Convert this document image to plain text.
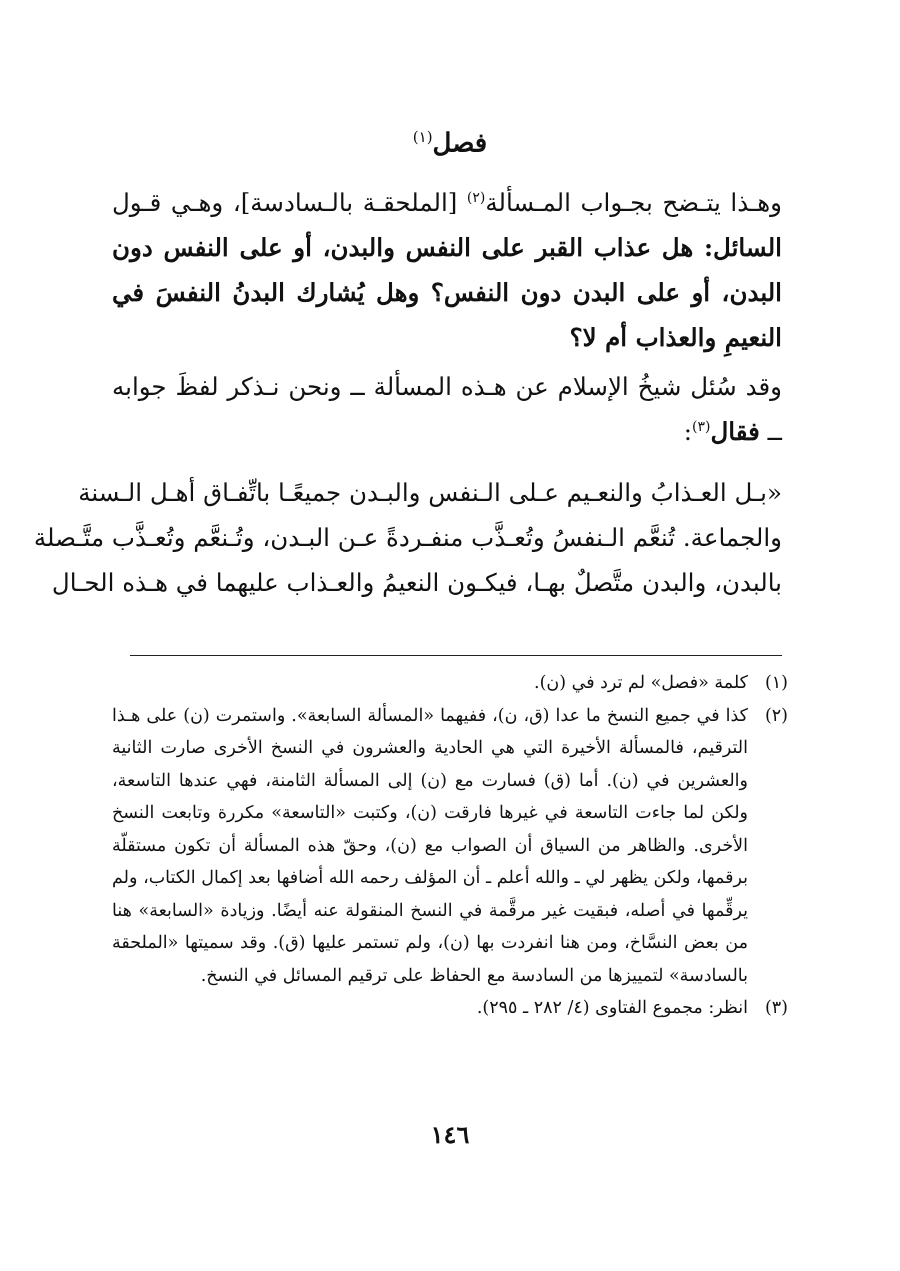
فصل$^{(١)}$
وهـذا يتـضح بجـواب المـسألة$^{(٢)}$ [الملحقـة بالـسادسة]، وهـي قـول السائل: هل عذاب القبر على النفس والبدن، أو على النفس دون البدن، أو على البدن دون النفس؟ وهل يُشارك البدنُ النفسَ في النعيمِ والعذاب أم لا؟
وقد سُئل شيخُ الإسلام عن هـذه المسألة ــ ونحن نـذكر لفظَ جوابه ــ فقال$^{(٣)}$:
«بـل العـذابُ والنعـيم عـلى الـنفس والبـدن جميعًـا باتِّفـاق أهـل الـسنة
والجماعة. تُنعَّم الـنفسُ وتُعـذَّب منفـردةً عـن البـدن، وتُـنعَّم وتُعـذَّب متَّـصلة
بالبدن، والبدن متَّصلٌ بهـا، فيكـون النعيمُ والعـذاب عليهما في هـذه الحـال
(١)
كلمة «فصل» لم ترد في (ن).
(٢)
كذا في جميع النسخ ما عدا (ق، ن)، ففيهما «المسألة السابعة». واستمرت (ن) على هـذا الترقيم، فالمسألة الأخيرة التي هي الحادية والعشرون في النسخ الأخرى صارت الثانية والعشرين في (ن). أما (ق) فسارت مع (ن) إلى المسألة الثامنة، فهي عندها التاسعة، ولكن لما جاءت التاسعة في غيرها فارقت (ن)، وكتبت «التاسعة» مكررة وتابعت النسخ الأخرى. والظاهر من السياق أن الصواب مع (ن)، وحقّ هذه المسألة أن تكون مستقلّة برقمها، ولكن يظهر لي ـ والله أعلم ـ أن المؤلف رحمه الله أضافها بعد إكمال الكتاب، ولم يرقِّمها في أصله، فبقيت غير مرقَّمة في النسخ المنقولة عنه أيضًا. وزيادة «السابعة» هنا من بعض النسَّاخ، ومن هنا انفردت بها (ن)، ولم تستمر عليها (ق). وقد سميتها «الملحقة بالسادسة» لتمييزها من السادسة مع الحفاظ على ترقيم المسائل في النسخ.
(٣)
انظر: مجموع الفتاوى (٤/ ٢٨٢ ـ ٢٩٥).
١٤٦
